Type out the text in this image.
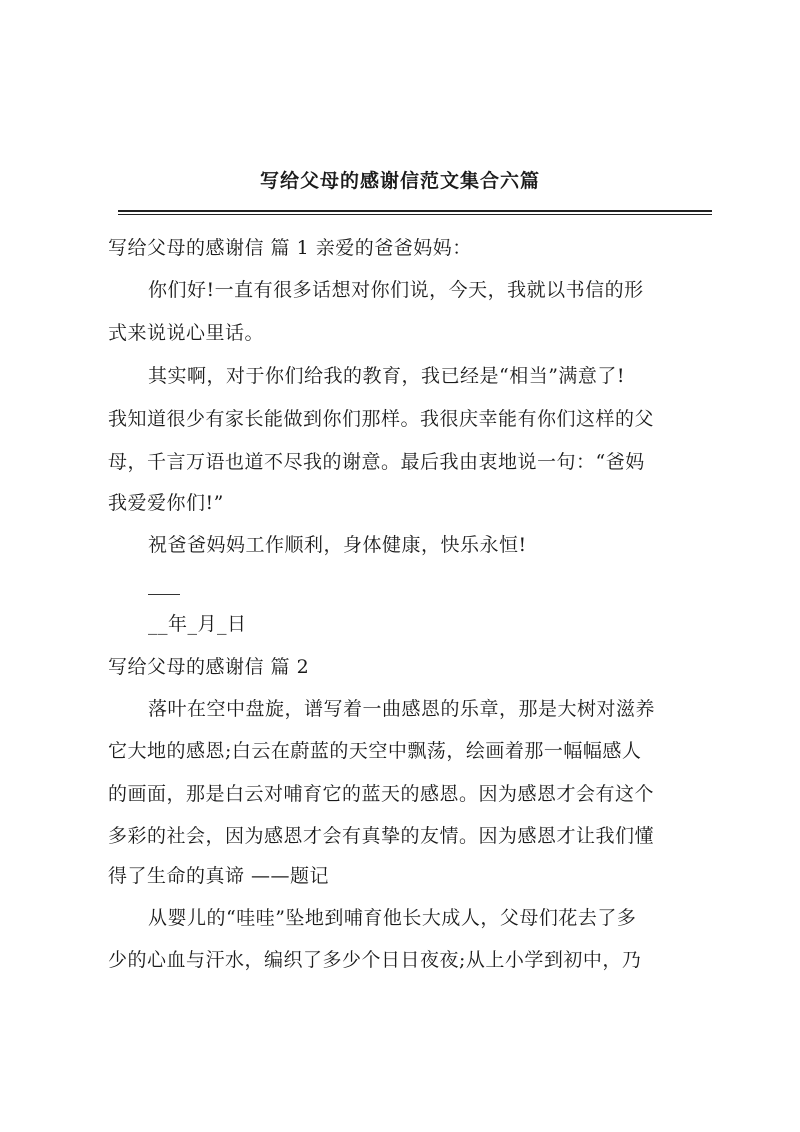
写给父母的感谢信范文集合六篇
写给父母的感谢信 篇 1 亲爱的爸爸妈妈：
你们好!一直有很多话想对你们说，今天，我就以书信的形
式来说说心里话。
其实啊，对于你们给我的教育，我已经是“相当”满意了!
我知道很少有家长能做到你们那样。我很庆幸能有你们这样的父
母，千言万语也道不尽我的谢意。最后我由衷地说一句：“爸妈
我爱爱你们!”
祝爸爸妈妈工作顺利，身体健康，快乐永恒!
__年_月_日
写给父母的感谢信 篇 2
落叶在空中盘旋，谱写着一曲感恩的乐章，那是大树对滋养
它大地的感恩;白云在蔚蓝的天空中飘荡，绘画着那一幅幅感人
的画面，那是白云对哺育它的蓝天的感恩。因为感恩才会有这个
多彩的社会，因为感恩才会有真挚的友情。因为感恩才让我们懂
得了生命的真谛 ——题记
从婴儿的“哇哇”坠地到哺育他长大成人，父母们花去了多
少的心血与汗水，编织了多少个日日夜夜;从上小学到初中，乃
